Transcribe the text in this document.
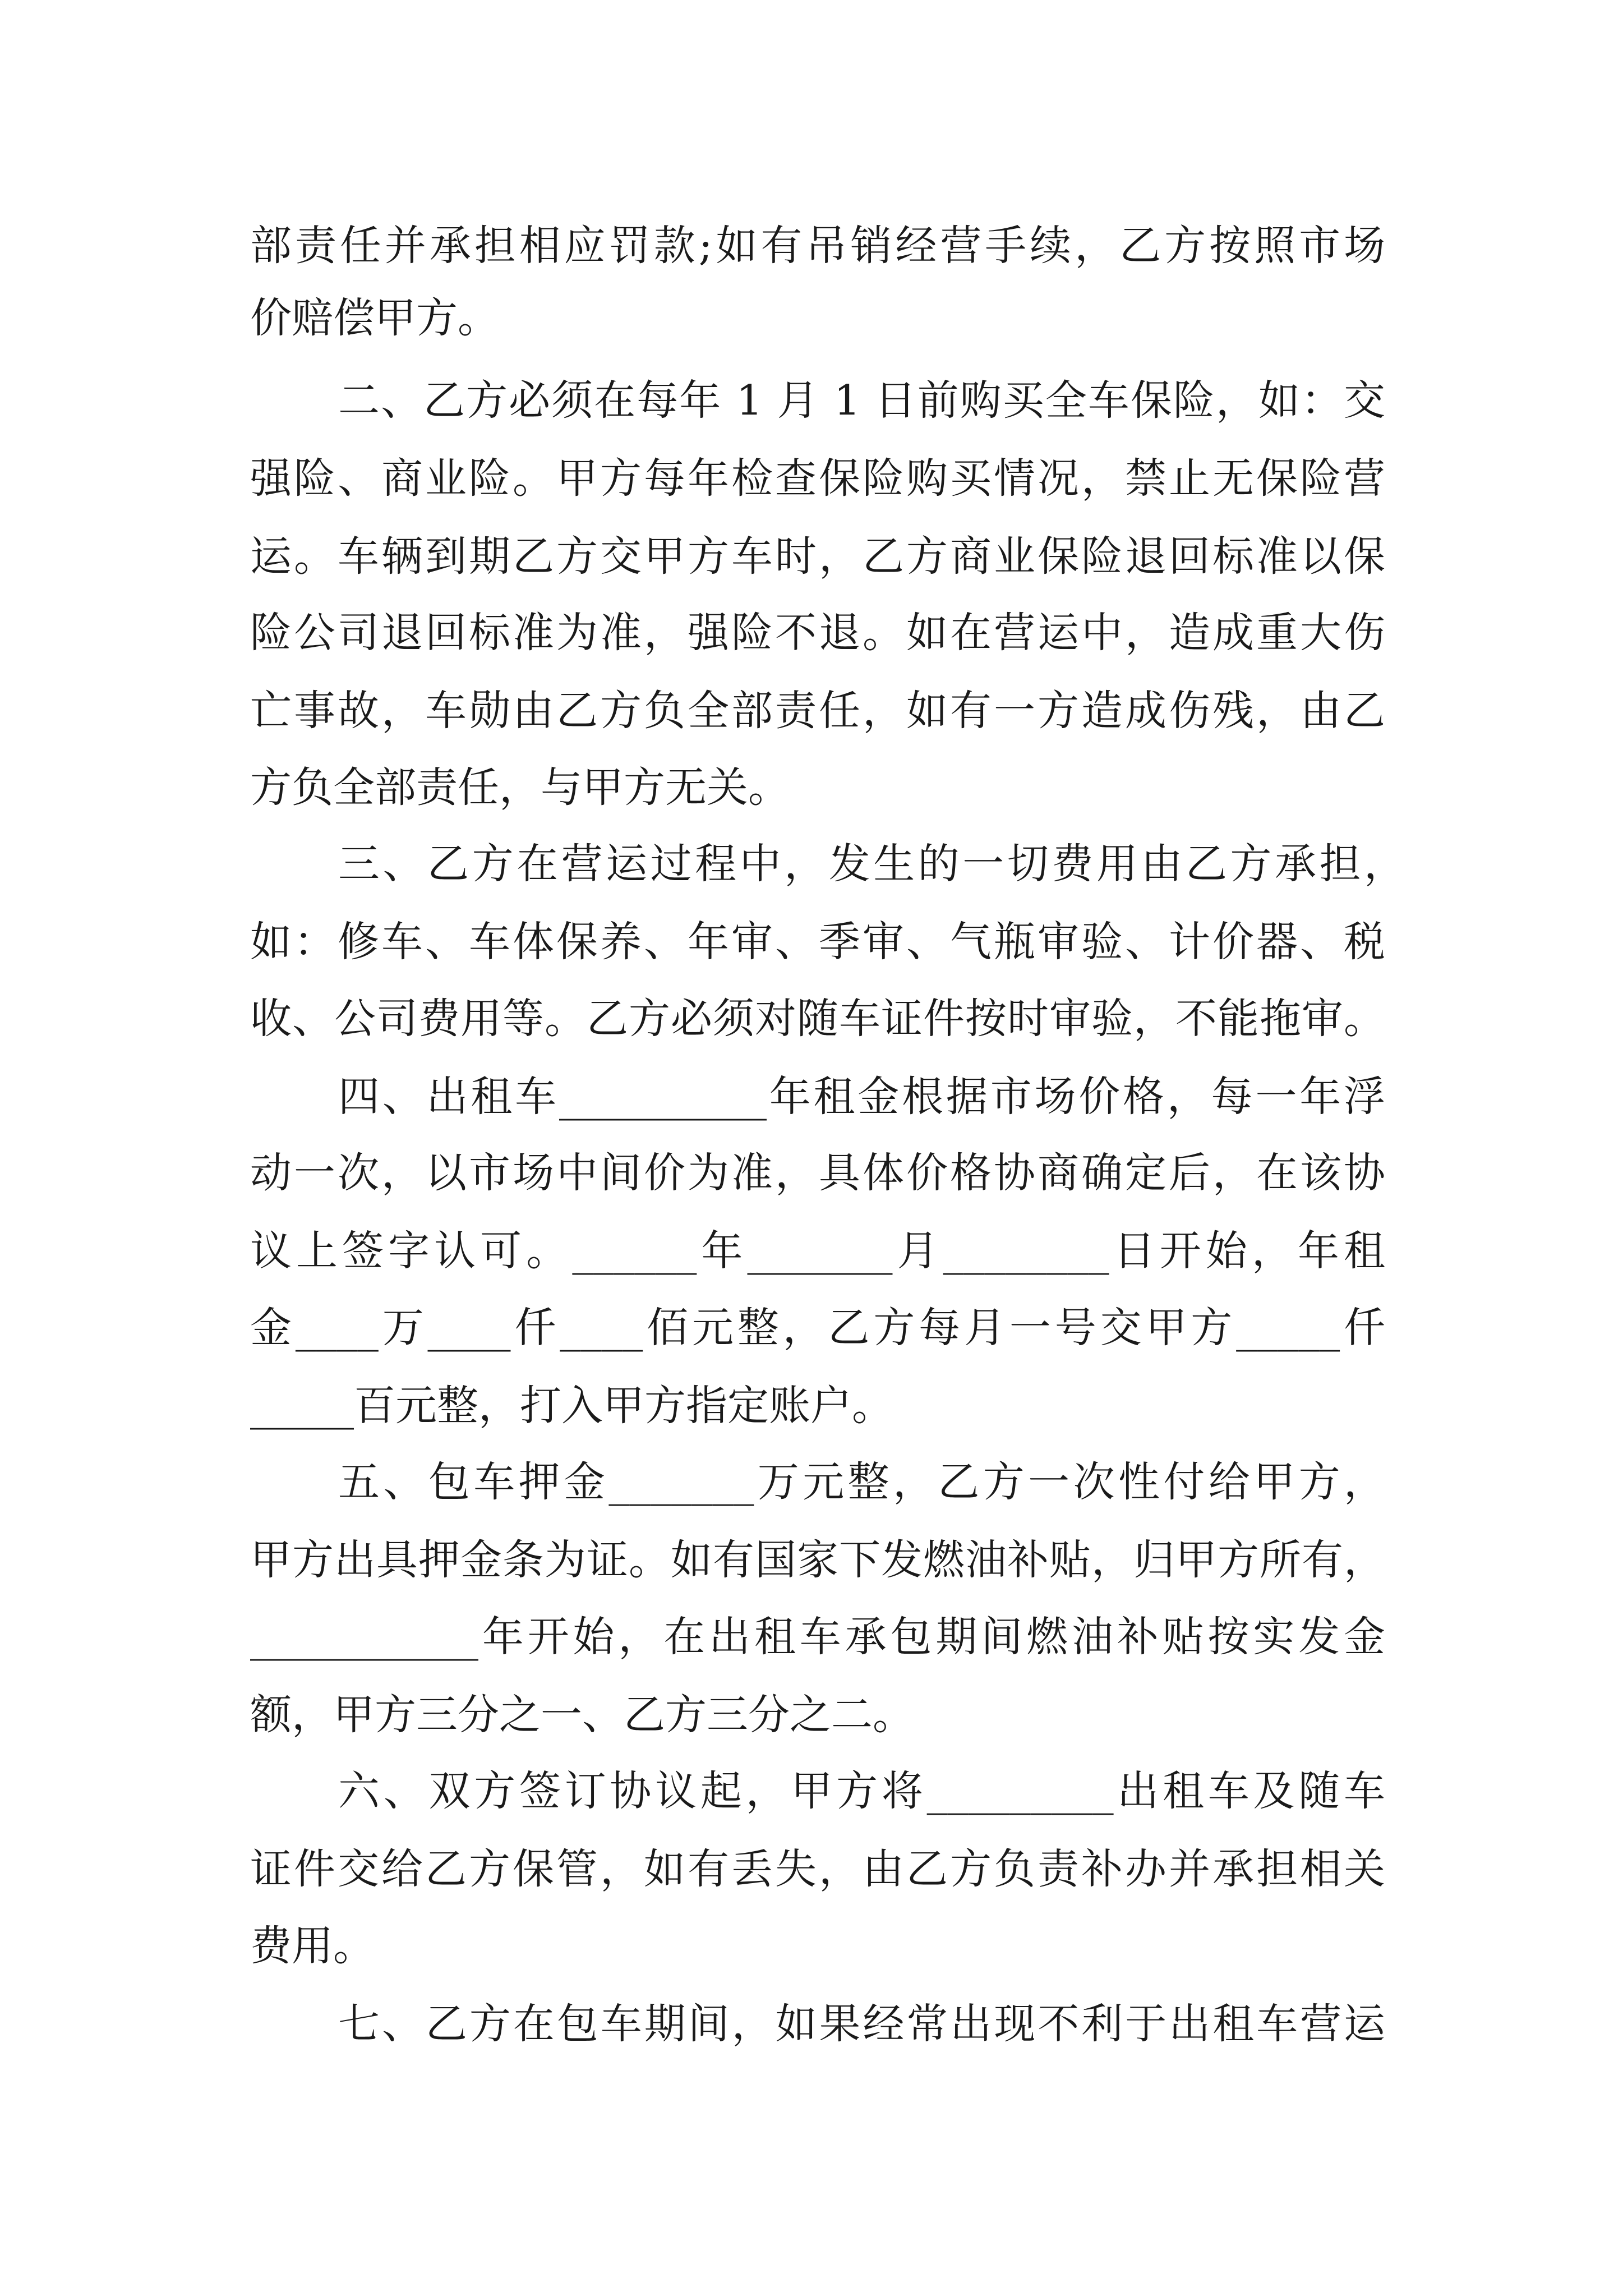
部责任并承担相应罚款;如有吊销经营手续，乙方按照市场
价赔偿甲方。
二、乙方必须在每年 1 月 1 日前购买全车保险，如：交
强险、商业险。甲方每年检查保险购买情况，禁止无保险营
运。车辆到期乙方交甲方车时，乙方商业保险退回标准以保
险公司退回标准为准，强险不退。如在营运中，造成重大伤
亡事故，车勋由乙方负全部责任，如有一方造成伤残，由乙
方负全部责任，与甲方无关。
三、乙方在营运过程中，发生的一切费用由乙方承担，
如：修车、车体保养、年审、季审、气瓶审验、计价器、税
收、公司费用等。乙方必须对随车证件按时审验，不能拖审。
四、出租车__________年租金根据市场价格，每一年浮
动一次，以市场中间价为准，具体价格协商确定后，在该协
议上签字认可。______年_______月________日开始，年租
金____万____仟____佰元整，乙方每月一号交甲方_____仟
_____百元整，打入甲方指定账户。
五、包车押金_______万元整，乙方一次性付给甲方，
甲方出具押金条为证。如有国家下发燃油补贴，归甲方所有，
___________年开始，在出租车承包期间燃油补贴按实发金
额，甲方三分之一、乙方三分之二。
六、双方签订协议起，甲方将_________出租车及随车
证件交给乙方保管，如有丢失，由乙方负责补办并承担相关
费用。
七、乙方在包车期间，如果经常出现不利于出租车营运
